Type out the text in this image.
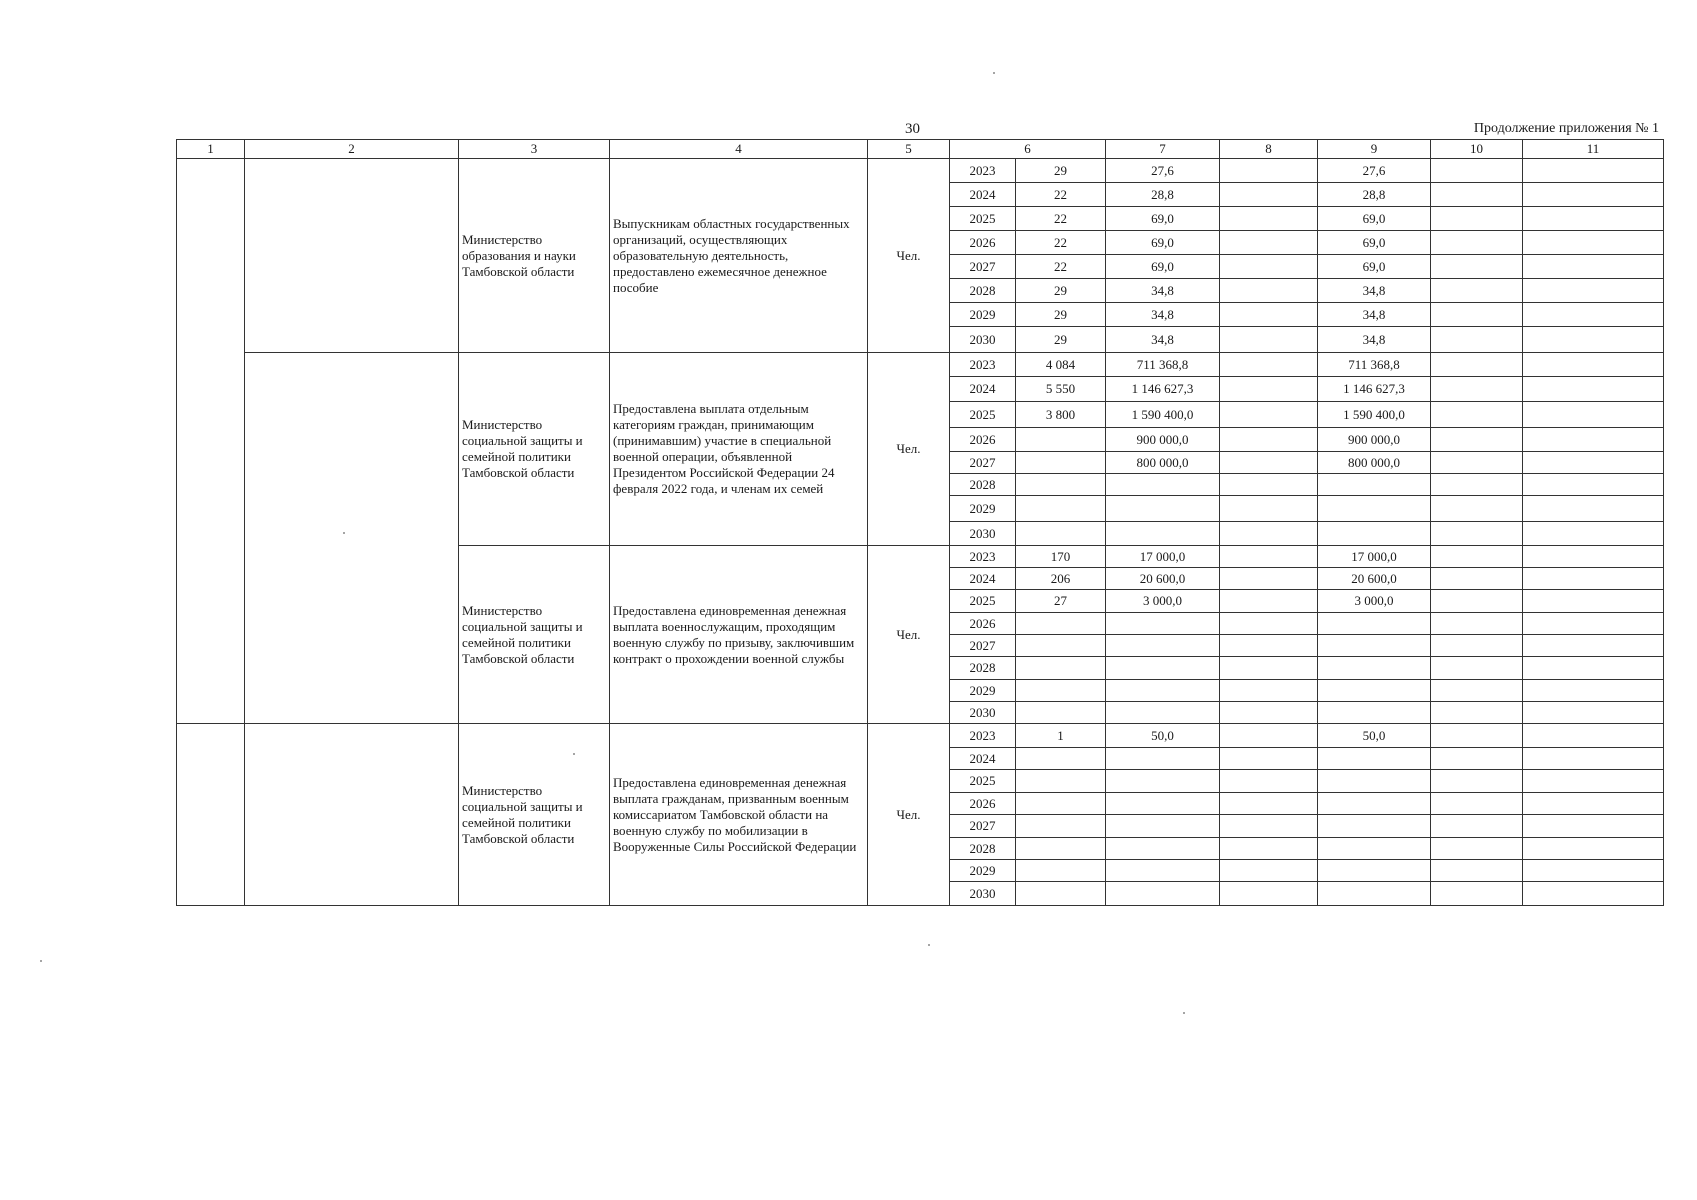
30	Продолжение приложения № 1
1	2	3	4	5	6		7	8	9	10	11
		Министерство образования и науки Тамбовской области	Выпускникам областных государственных организаций, осуществляющих образовательную деятельность, предоставлено ежемесячное денежное пособие	Чел.	2023	29	27,6		27,6		
					2024	22	28,8		28,8		
					2025	22	69,0		69,0		
					2026	22	69,0		69,0		
					2027	22	69,0		69,0		
					2028	29	34,8		34,8		
					2029	29	34,8		34,8		
					2030	29	34,8		34,8		
		Министерство социальной защиты и семейной политики Тамбовской области	Предоставлена выплата отдельным категориям граждан, принимающим (принимавшим) участие в специальной военной операции, объявленной Президентом Российской Федерации 24 февраля 2022 года, и членам их семей	Чел.	2023	4 084	711 368,8		711 368,8		
					2024	5 550	1 146 627,3		1 146 627,3		
					2025	3 800	1 590 400,0		1 590 400,0		
					2026		900 000,0		900 000,0		
					2027		800 000,0		800 000,0		
					2028						
					2029						
					2030						
		Министерство социальной защиты и семейной политики Тамбовской области	Предоставлена единовременная денежная выплата военнослужащим, проходящим военную службу по призыву, заключившим контракт о прохождении военной службы	Чел.	2023	170	17 000,0		17 000,0		
					2024	206	20 600,0		20 600,0		
					2025	27	3 000,0		3 000,0		
					2026						
					2027						
					2028						
					2029						
					2030						
		Министерство социальной защиты и семейной политики Тамбовской области	Предоставлена единовременная денежная выплата гражданам, призванным военным комиссариатом Тамбовской области на военную службу по мобилизации в Вооруженные Силы Российской Федерации	Чел.	2023	1	50,0		50,0		
					2024						
					2025						
					2026						
					2027						
					2028						
					2029						
					2030						
